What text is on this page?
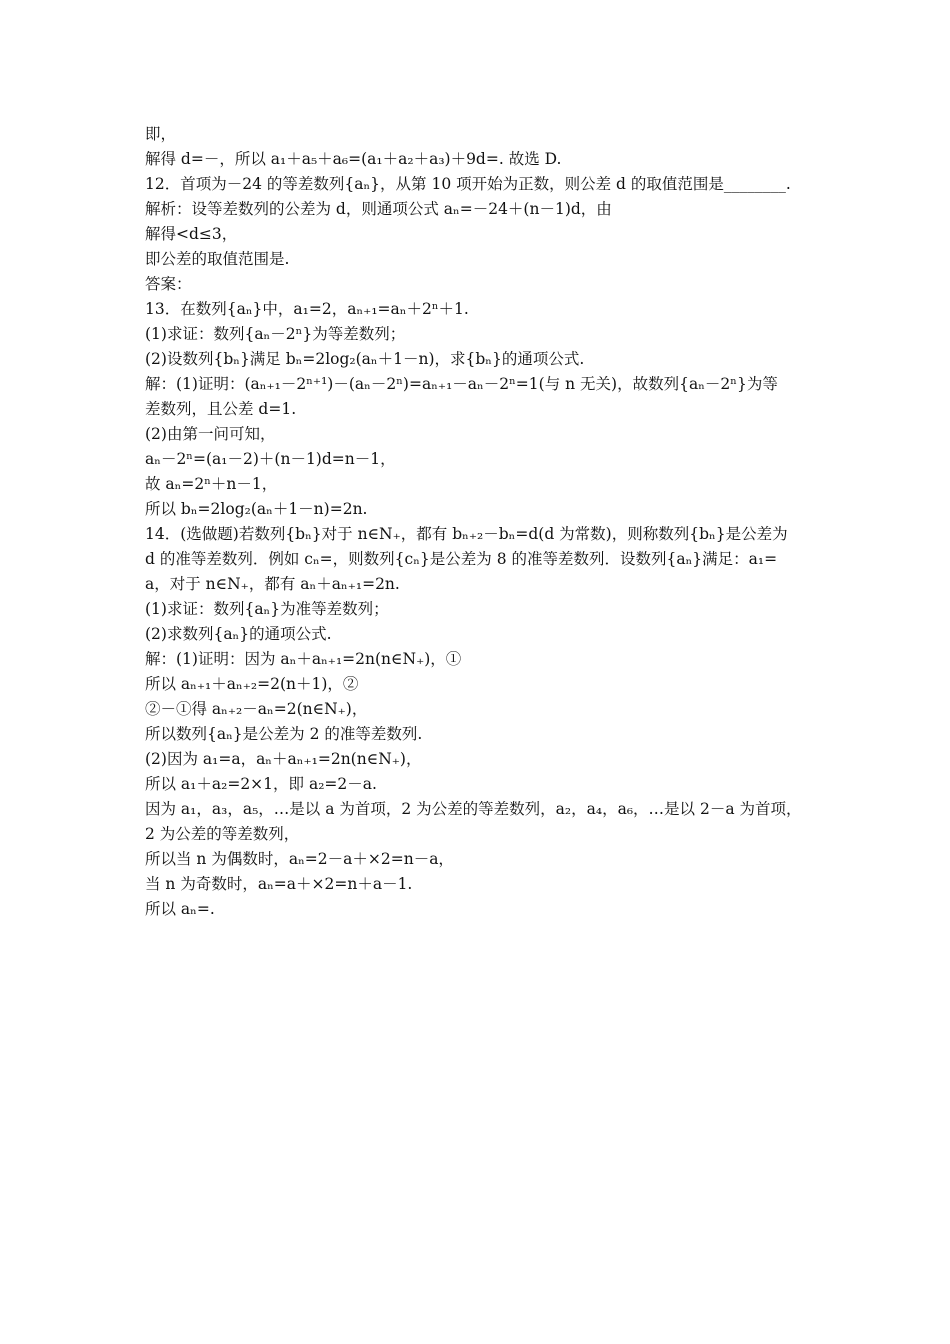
即，
解得 d=－，所以 a₁＋a₅＋a₆=(a₁＋a₂＋a₃)＋9d=. 故选 D.
12．首项为－24 的等差数列{aₙ}，从第 10 项开始为正数，则公差 d 的取值范围是________.
解析：设等差数列的公差为 d，则通项公式 aₙ=－24＋(n－1)d，由
解得<d≤3，
即公差的取值范围是.
答案：
13．在数列{aₙ}中，a₁=2，aₙ₊₁=aₙ＋2ⁿ＋1.
(1)求证：数列{aₙ－2ⁿ}为等差数列；
(2)设数列{bₙ}满足 bₙ=2log₂(aₙ＋1－n)，求{bₙ}的通项公式.
解：(1)证明：(aₙ₊₁－2ⁿ⁺¹)－(aₙ－2ⁿ)=aₙ₊₁－aₙ－2ⁿ=1(与 n 无关)，故数列{aₙ－2ⁿ}为等
差数列，且公差 d=1.
(2)由第一问可知，
aₙ－2ⁿ=(a₁－2)＋(n－1)d=n－1，
故 aₙ=2ⁿ＋n－1，
所以 bₙ=2log₂(aₙ＋1－n)=2n.
14．(选做题)若数列{bₙ}对于 n∈N₊，都有 bₙ₊₂－bₙ=d(d 为常数)，则称数列{bₙ}是公差为
d 的准等差数列．例如 cₙ=，则数列{cₙ}是公差为 8 的准等差数列．设数列{aₙ}满足：a₁=
a，对于 n∈N₊，都有 aₙ＋aₙ₊₁=2n.
(1)求证：数列{aₙ}为准等差数列；
(2)求数列{aₙ}的通项公式.
解：(1)证明：因为 aₙ＋aₙ₊₁=2n(n∈N₊)，①
所以 aₙ₊₁＋aₙ₊₂=2(n＋1)，②
②－①得 aₙ₊₂－aₙ=2(n∈N₊)，
所以数列{aₙ}是公差为 2 的准等差数列.
(2)因为 a₁=a，aₙ＋aₙ₊₁=2n(n∈N₊)，
所以 a₁＋a₂=2×1，即 a₂=2－a.
因为 a₁，a₃，a₅，…是以 a 为首项，2 为公差的等差数列，a₂，a₄，a₆，…是以 2－a 为首项，
2 为公差的等差数列，
所以当 n 为偶数时，aₙ=2－a＋×2=n－a，
当 n 为奇数时，aₙ=a＋×2=n＋a－1.
所以 aₙ=.
